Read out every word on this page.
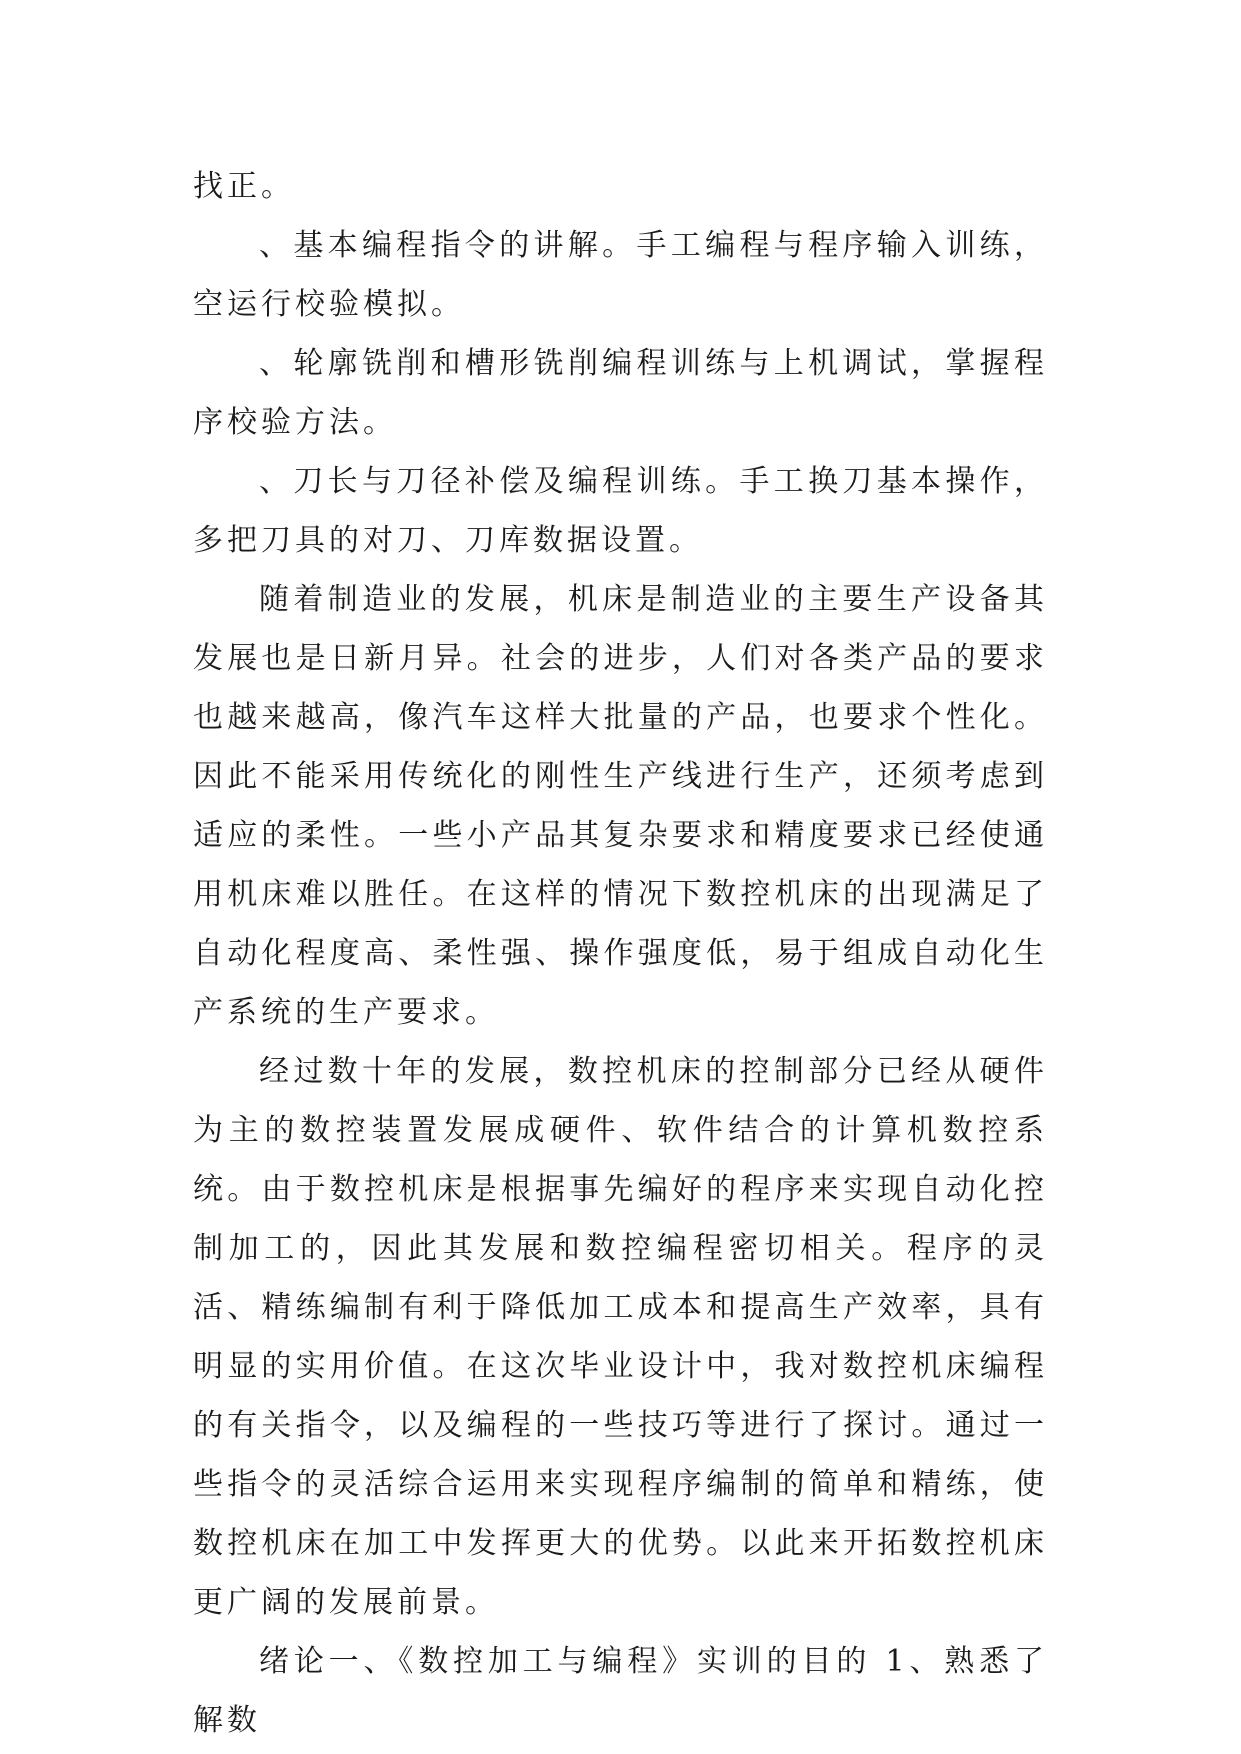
找正。

、基本编程指令的讲解。手工编程与程序输入训练，空运行校验模拟。

、轮廓铣削和槽形铣削编程训练与上机调试，掌握程序校验方法。

、刀长与刀径补偿及编程训练。手工换刀基本操作，多把刀具的对刀、刀库数据设置。

随着制造业的发展，机床是制造业的主要生产设备其发展也是日新月异。社会的进步，人们对各类产品的要求也越来越高，像汽车这样大批量的产品，也要求个性化。因此不能采用传统化的刚性生产线进行生产，还须考虑到适应的柔性。一些小产品其复杂要求和精度要求已经使通用机床难以胜任。在这样的情况下数控机床的出现满足了自动化程度高、柔性强、操作强度低，易于组成自动化生产系统的生产要求。

经过数十年的发展，数控机床的控制部分已经从硬件为主的数控装置发展成硬件、软件结合的计算机数控系统。由于数控机床是根据事先编好的程序来实现自动化控制加工的，因此其发展和数控编程密切相关。程序的灵活、精练编制有利于降低加工成本和提高生产效率，具有明显的实用价值。在这次毕业设计中，我对数控机床编程的有关指令，以及编程的一些技巧等进行了探讨。通过一些指令的灵活综合运用来实现程序编制的简单和精练，使数控机床在加工中发挥更大的优势。以此来开拓数控机床更广阔的发展前景。

绪论一、《数控加工与编程》实训的目的 1、熟悉了解数
